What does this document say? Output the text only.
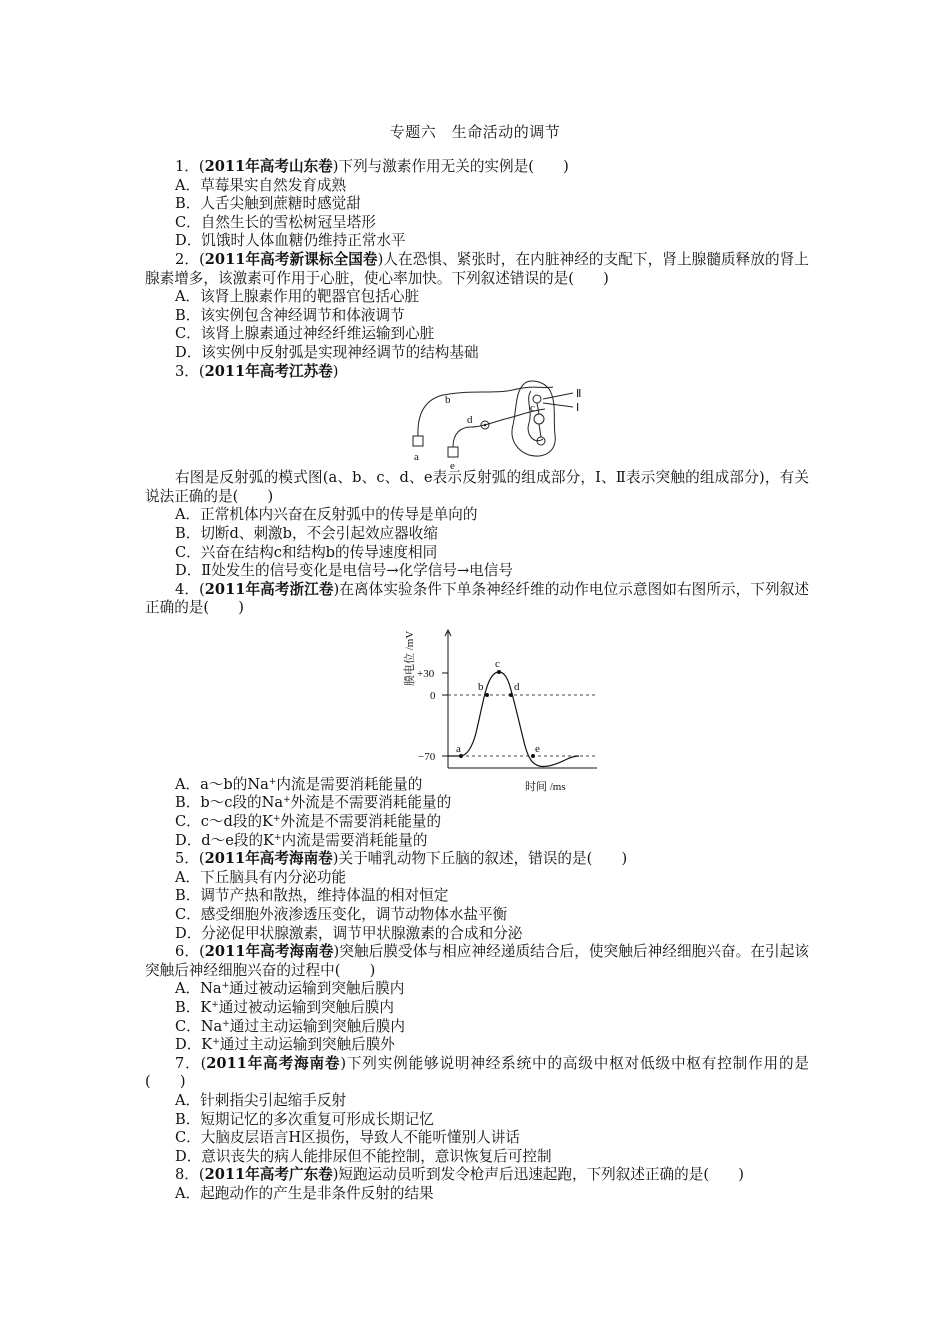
专题六　生命活动的调节

1．(2011年高考山东卷)下列与激素作用无关的实例是(　　)

A．草莓果实自然发育成熟

B．人舌尖触到蔗糖时感觉甜

C．自然生长的雪松树冠呈塔形

D．饥饿时人体血糖仍维持正常水平

2．(2011年高考新课标全国卷)人在恐惧、紧张时，在内脏神经的支配下，肾上腺髓质释放的肾上腺素增多，该激素可作用于心脏，使心率加快。下列叙述错误的是(　　)

A．该肾上腺素作用的靶器官包括心脏

B．该实例包含神经调节和体液调节

C．该肾上腺素通过神经纤维运输到心脏

D．该实例中反射弧是实现神经调节的结构基础

3．(2011年高考江苏卷)

a
b
c
d
e
Ⅰ
Ⅱ

右图是反射弧的模式图(a、b、c、d、e表示反射弧的组成部分，Ⅰ、Ⅱ表示突触的组成部分)，有关说法正确的是(　　)

A．正常机体内兴奋在反射弧中的传导是单向的

B．切断d、刺激b，不会引起效应器收缩

C．兴奋在结构c和结构b的传导速度相同

D．Ⅱ处发生的信号变化是电信号→化学信号→电信号

4．(2011年高考浙江卷)在离体实验条件下单条神经纤维的动作电位示意图如右图所示，下列叙述正确的是(　　)

a
b
c
d
e
+30
0
−70
时间 /ms
膜电位 /mV

A．a～b的Na+内流是需要消耗能量的

B．b～c段的Na+外流是不需要消耗能量的

C．c～d段的K+外流是不需要消耗能量的

D．d～e段的K+内流是需要消耗能量的

5．(2011年高考海南卷)关于哺乳动物下丘脑的叙述，错误的是(　　)

A．下丘脑具有内分泌功能

B．调节产热和散热，维持体温的相对恒定

C．感受细胞外液渗透压变化，调节动物体水盐平衡

D．分泌促甲状腺激素，调节甲状腺激素的合成和分泌

6．(2011年高考海南卷)突触后膜受体与相应神经递质结合后，使突触后神经细胞兴奋。在引起该突触后神经细胞兴奋的过程中(　　)

A．Na+通过被动运输到突触后膜内

B．K+通过被动运输到突触后膜内

C．Na+通过主动运输到突触后膜内

D．K+通过主动运输到突触后膜外

7．(2011年高考海南卷)下列实例能够说明神经系统中的高级中枢对低级中枢有控制作用的是(　　)

A．针刺指尖引起缩手反射

B．短期记忆的多次重复可形成长期记忆

C．大脑皮层语言H区损伤，导致人不能听懂别人讲话

D．意识丧失的病人能排尿但不能控制，意识恢复后可控制

8．(2011年高考广东卷)短跑运动员听到发令枪声后迅速起跑，下列叙述正确的是(　　)

A．起跑动作的产生是非条件反射的结果
